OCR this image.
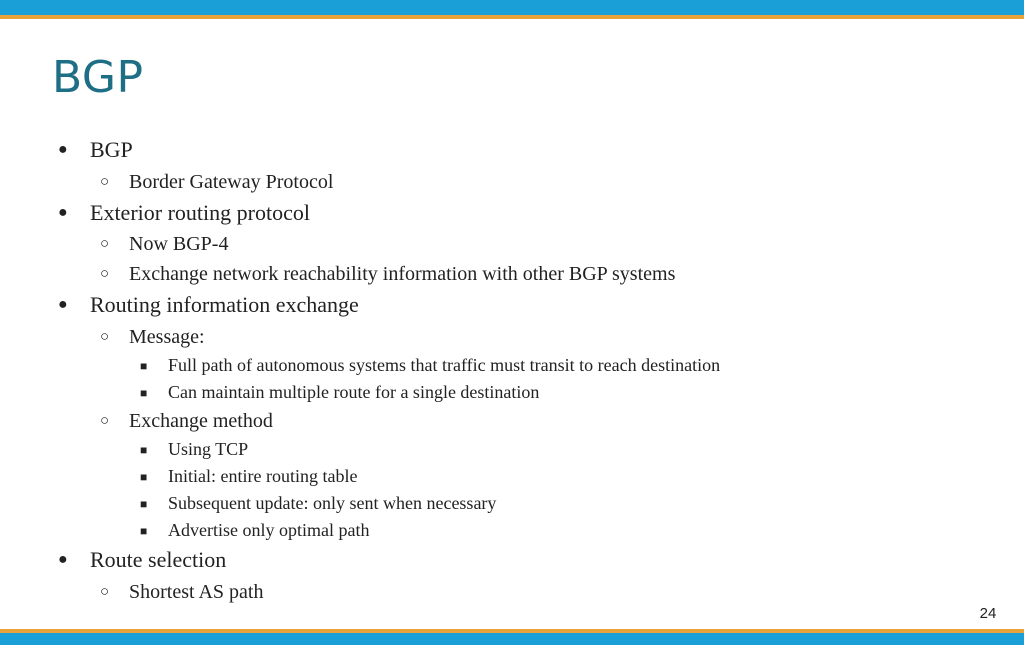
BGP
● BGP
○ Border Gateway Protocol
● Exterior routing protocol
○ Now BGP-4
○ Exchange network reachability information with other BGP systems
● Routing information exchange
○ Message:
■ Full path of autonomous systems that traffic must transit to reach destination
■ Can maintain multiple route for a single destination
○ Exchange method
■ Using TCP
■ Initial: entire routing table
■ Subsequent update: only sent when necessary
■ Advertise only optimal path
● Route selection
○ Shortest AS path
24
